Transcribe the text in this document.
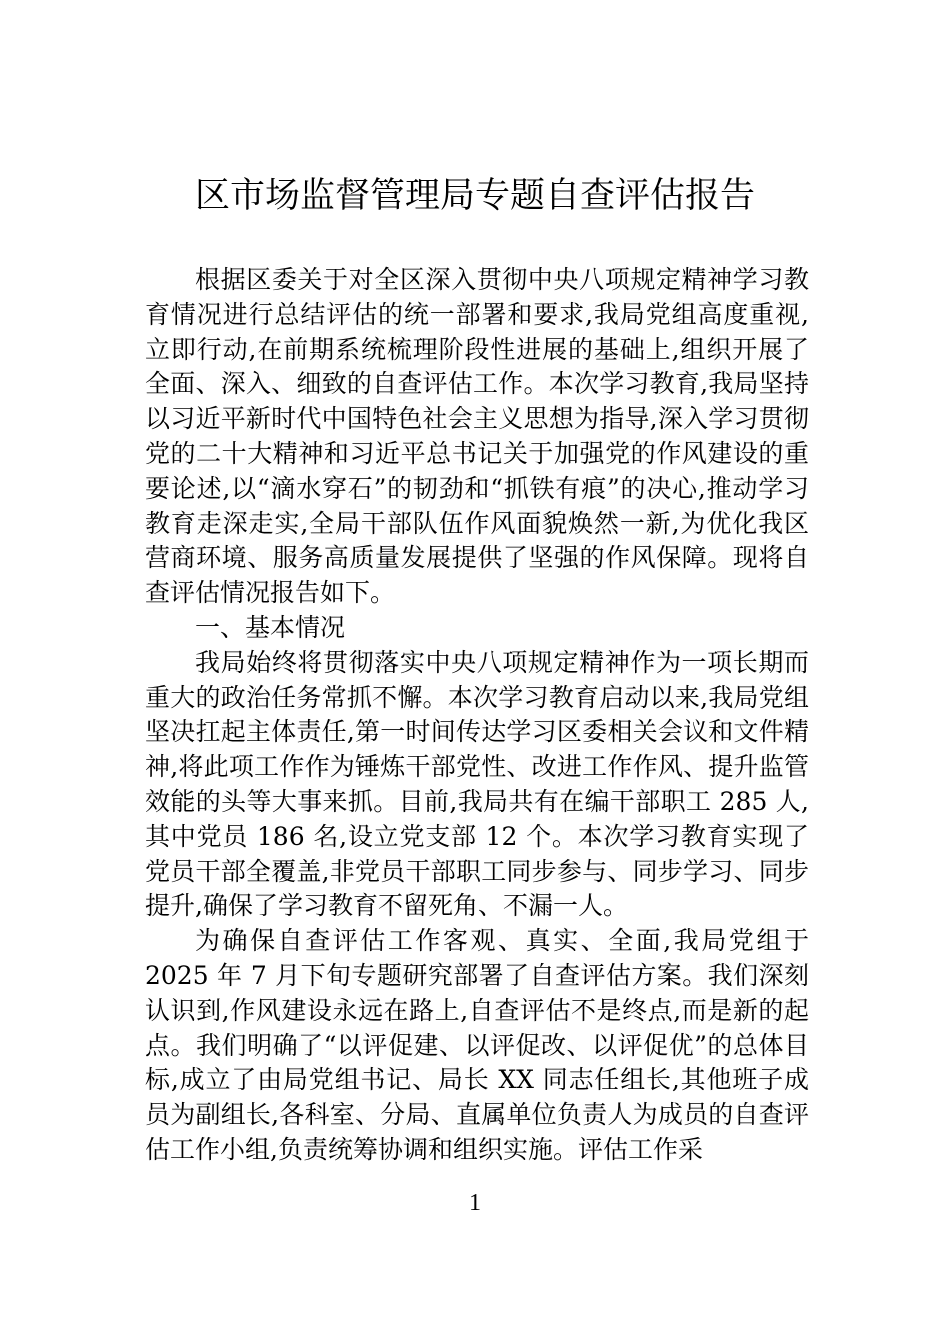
区市场监督管理局专题自查评估报告

根据区委关于对全区深入贯彻中央八项规定精神学习教育情况进行总结评估的统一部署和要求,我局党组高度重视,立即行动,在前期系统梳理阶段性进展的基础上,组织开展了全面、深入、细致的自查评估工作。本次学习教育,我局坚持以习近平新时代中国特色社会主义思想为指导,深入学习贯彻党的二十大精神和习近平总书记关于加强党的作风建设的重要论述,以“滴水穿石”的韧劲和“抓铁有痕”的决心,推动学习教育走深走实,全局干部队伍作风面貌焕然一新,为优化我区营商环境、服务高质量发展提供了坚强的作风保障。现将自查评估情况报告如下。

一、基本情况

我局始终将贯彻落实中央八项规定精神作为一项长期而重大的政治任务常抓不懈。本次学习教育启动以来,我局党组坚决扛起主体责任,第一时间传达学习区委相关会议和文件精神,将此项工作作为锤炼干部党性、改进工作作风、提升监管效能的头等大事来抓。目前,我局共有在编干部职工 285 人,其中党员 186 名,设立党支部 12 个。本次学习教育实现了党员干部全覆盖,非党员干部职工同步参与、同步学习、同步提升,确保了学习教育不留死角、不漏一人。

为确保自查评估工作客观、真实、全面,我局党组于 2025 年 7 月下旬专题研究部署了自查评估方案。我们深刻认识到,作风建设永远在路上,自查评估不是终点,而是新的起点。我们明确了“以评促建、以评促改、以评促优”的总体目标,成立了由局党组书记、局长 XX 同志任组长,其他班子成员为副组长,各科室、分局、直属单位负责人为成员的自查评估工作小组,负责统筹协调和组织实施。评估工作采

1
